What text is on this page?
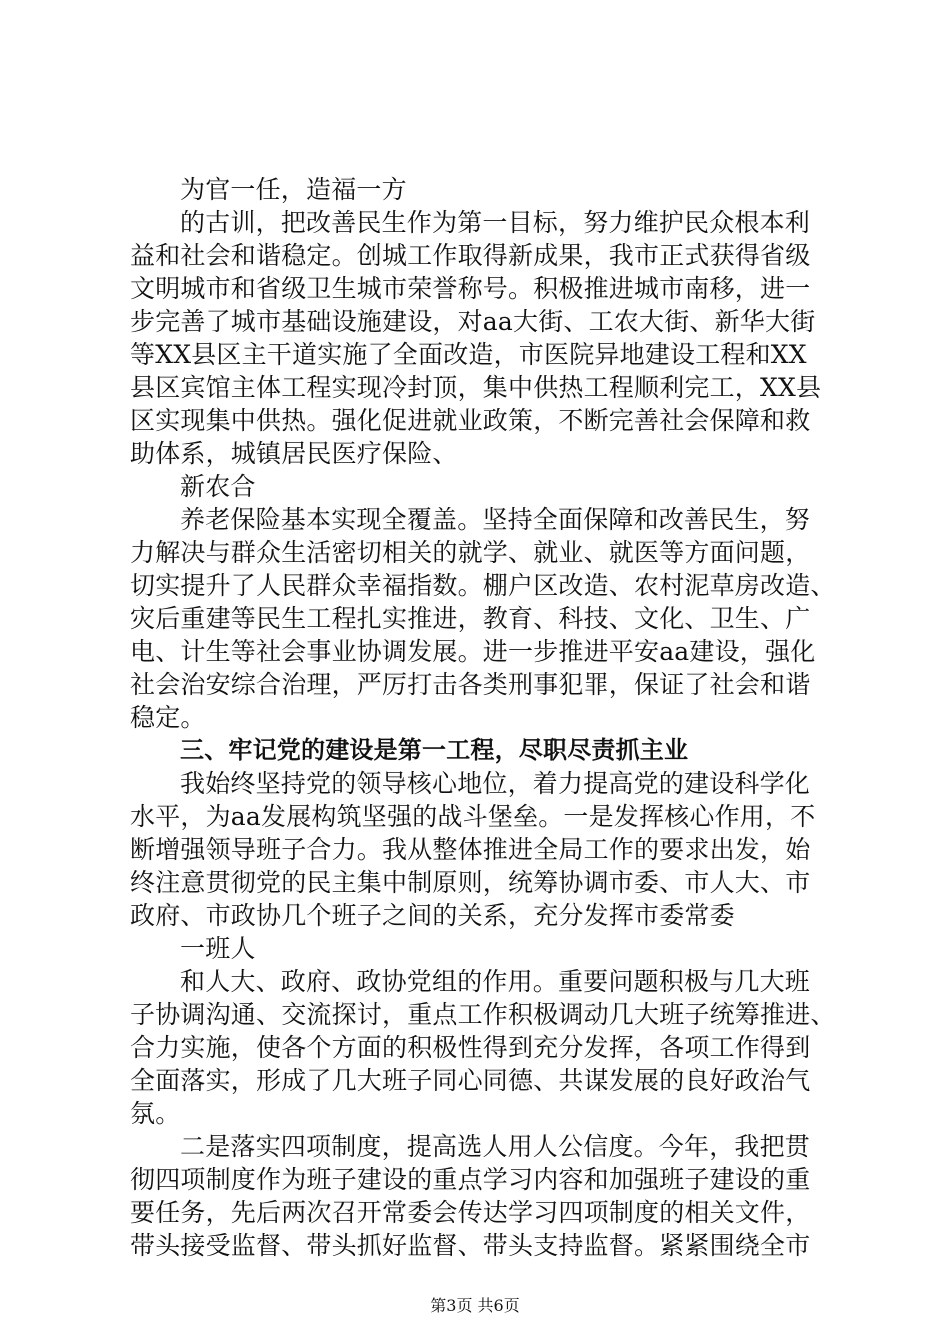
为官一任，造福一方
的古训，把改善民生作为第一目标，努力维护民众根本利
益和社会和谐稳定。创城工作取得新成果，我市正式获得省级
文明城市和省级卫生城市荣誉称号。积极推进城市南移，进一
步完善了城市基础设施建设，对aa大街、工农大街、新华大街
等XX县区主干道实施了全面改造，市医院异地建设工程和XX
县区宾馆主体工程实现冷封顶，集中供热工程顺利完工，XX县
区实现集中供热。强化促进就业政策，不断完善社会保障和救
助体系，城镇居民医疗保险、
新农合
养老保险基本实现全覆盖。坚持全面保障和改善民生，努
力解决与群众生活密切相关的就学、就业、就医等方面问题，
切实提升了人民群众幸福指数。棚户区改造、农村泥草房改造、
灾后重建等民生工程扎实推进，教育、科技、文化、卫生、广
电、计生等社会事业协调发展。进一步推进平安aa建设，强化
社会治安综合治理，严厉打击各类刑事犯罪，保证了社会和谐
稳定。
三、牢记党的建设是第一工程，尽职尽责抓主业
我始终坚持党的领导核心地位，着力提高党的建设科学化
水平，为aa发展构筑坚强的战斗堡垒。一是发挥核心作用，不
断增强领导班子合力。我从整体推进全局工作的要求出发，始
终注意贯彻党的民主集中制原则，统筹协调市委、市人大、市
政府、市政协几个班子之间的关系，充分发挥市委常委
一班人
和人大、政府、政协党组的作用。重要问题积极与几大班
子协调沟通、交流探讨，重点工作积极调动几大班子统筹推进、
合力实施，使各个方面的积极性得到充分发挥，各项工作得到
全面落实，形成了几大班子同心同德、共谋发展的良好政治气
氛。
二是落实四项制度，提高选人用人公信度。今年，我把贯
彻四项制度作为班子建设的重点学习内容和加强班子建设的重
要任务，先后两次召开常委会传达学习四项制度的相关文件，
带头接受监督、带头抓好监督、带头支持监督。紧紧围绕全市
第3页 共6页
